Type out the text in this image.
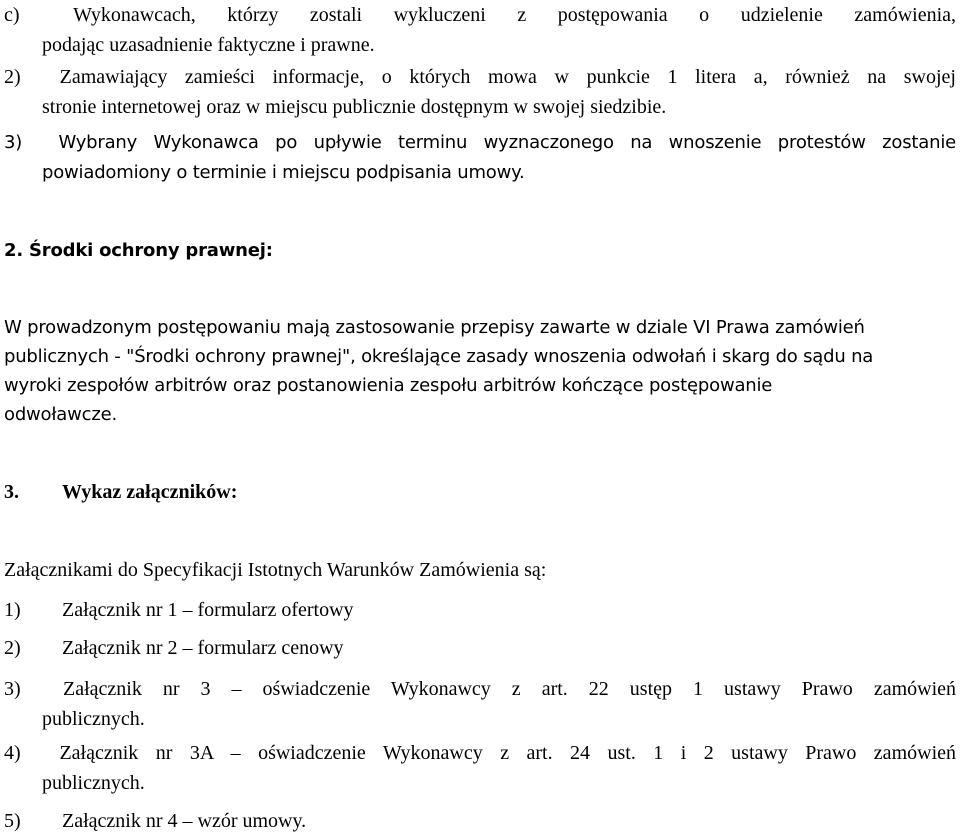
c)	Wykonawcach, którzy zostali wykluczeni z postępowania o udzielenie zamówienia,
podając uzasadnienie faktyczne i prawne.
2) Zamawiający zamieści informacje, o których mowa w punkcie 1 litera a, również na swojej
stronie internetowej oraz w miejscu publicznie dostępnym w swojej siedzibie.
3) Wybrany Wykonawca po upływie terminu wyznaczonego na wnoszenie protestów zostanie
powiadomiony o terminie i miejscu podpisania umowy.
2. Środki ochrony prawnej:
W prowadzonym postępowaniu mają zastosowanie przepisy zawarte w dziale VI Prawa zamówień
publicznych - "Środki ochrony prawnej", określające zasady wnoszenia odwołań i skarg do sądu na
wyroki zespołów arbitrów oraz postanowienia zespołu arbitrów kończące postępowanie
odwoławcze.
3. Wykaz załączników:
Załącznikami do Specyfikacji Istotnych Warunków Zamówienia są:
1) Załącznik nr 1 – formularz ofertowy
2) Załącznik nr 2 – formularz cenowy
3) Załącznik nr 3 – oświadczenie Wykonawcy z art. 22 ustęp 1 ustawy Prawo zamówień
publicznych.
4) Załącznik nr 3A – oświadczenie Wykonawcy z art. 24 ust. 1 i 2 ustawy Prawo zamówień
publicznych.
5) Załącznik nr 4 – wzór umowy.
